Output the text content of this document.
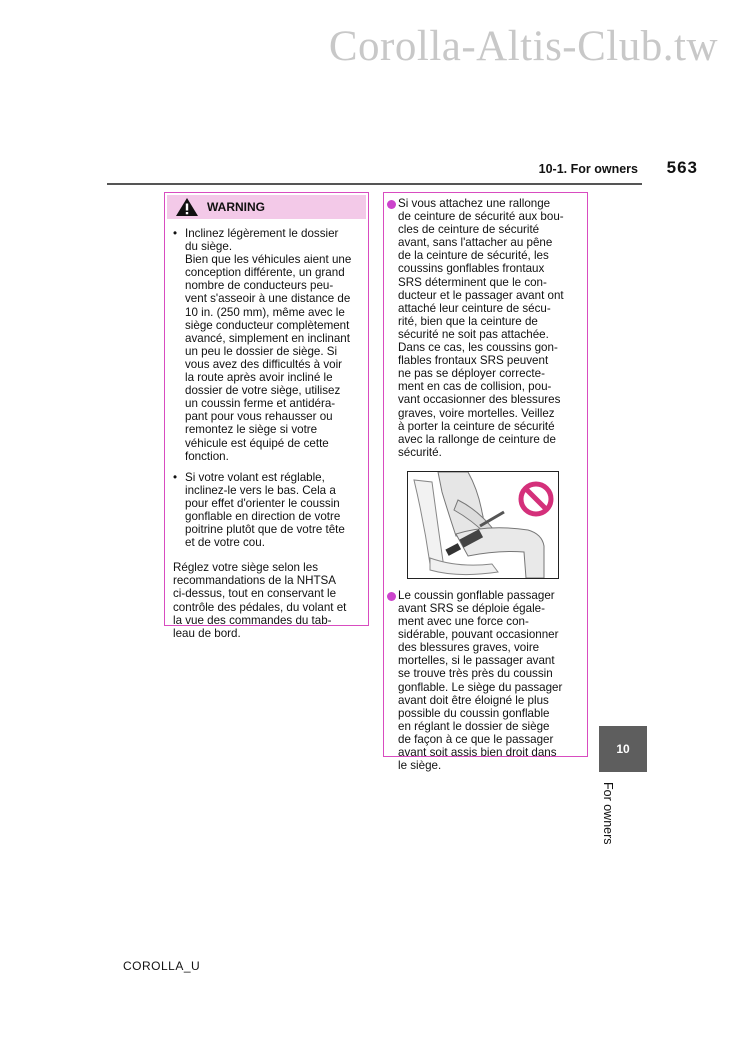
Corolla-Altis-Club.tw
10-1. For owners 563
WARNING
• Inclinez légèrement le dossier
du siège.
Bien que les véhicules aient une
conception différente, un grand
nombre de conducteurs peu-
vent s'asseoir à une distance de
10 in. (250 mm), même avec le
siège conducteur complètement
avancé, simplement en inclinant
un peu le dossier de siège. Si
vous avez des difficultés à voir
la route après avoir incliné le
dossier de votre siège, utilisez
un coussin ferme et antidéra-
pant pour vous rehausser ou
remontez le siège si votre
véhicule est équipé de cette
fonction.
• Si votre volant est réglable,
inclinez-le vers le bas. Cela a
pour effet d'orienter le coussin
gonflable en direction de votre
poitrine plutôt que de votre tête
et de votre cou.
Réglez votre siège selon les
recommandations de la NHTSA
ci-dessus, tout en conservant le
contrôle des pédales, du volant et
la vue des commandes du tab-
leau de bord.
Si vous attachez une rallonge
de ceinture de sécurité aux bou-
cles de ceinture de sécurité
avant, sans l'attacher au pêne
de la ceinture de sécurité, les
coussins gonflables frontaux
SRS déterminent que le con-
ducteur et le passager avant ont
attaché leur ceinture de sécu-
rité, bien que la ceinture de
sécurité ne soit pas attachée.
Dans ce cas, les coussins gon-
flables frontaux SRS peuvent
ne pas se déployer correcte-
ment en cas de collision, pou-
vant occasionner des blessures
graves, voire mortelles. Veillez
à porter la ceinture de sécurité
avec la rallonge de ceinture de
sécurité.
Le coussin gonflable passager
avant SRS se déploie égale-
ment avec une force con-
sidérable, pouvant occasionner
des blessures graves, voire
mortelles, si le passager avant
se trouve très près du coussin
gonflable. Le siège du passager
avant doit être éloigné le plus
possible du coussin gonflable
en réglant le dossier de siège
de façon à ce que le passager
avant soit assis bien droit dans
le siège.
10
For owners
COROLLA_U
